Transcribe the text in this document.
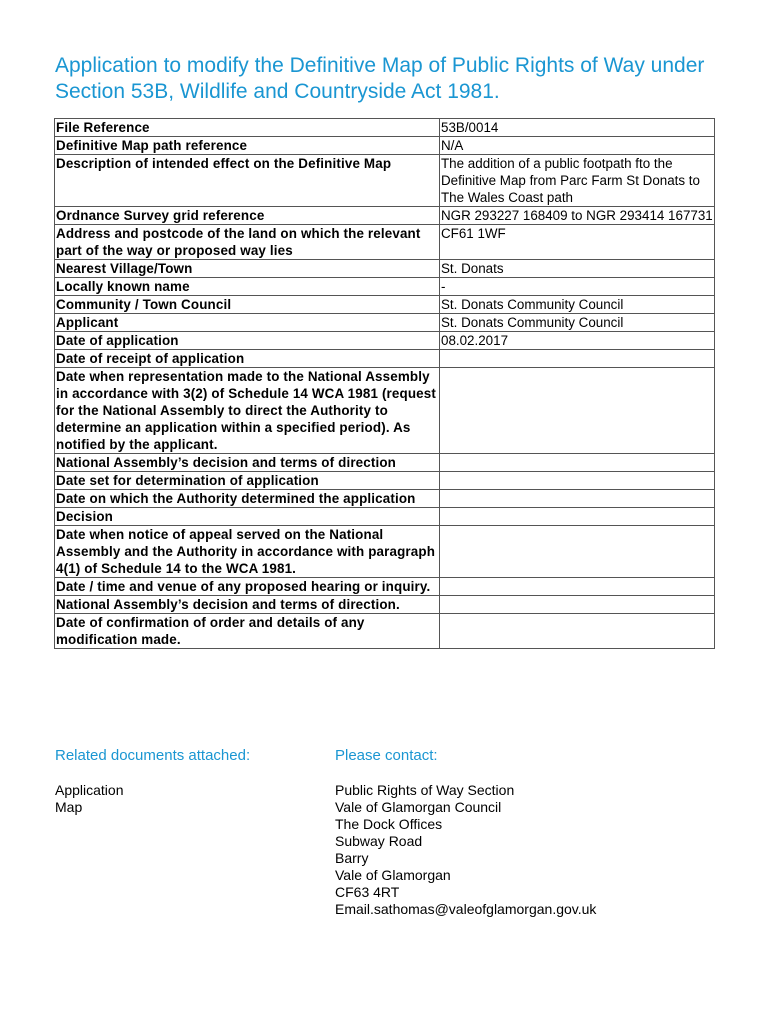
Application to modify the Definitive Map of Public Rights of Way under Section 53B, Wildlife and Countryside Act 1981.
File Reference	53B/0014
Definitive Map path reference	N/A
Description of intended effect on the Definitive Map	The addition of a public footpath fto the Definitive Map from Parc Farm St Donats to The Wales Coast path
Ordnance Survey grid reference	NGR 293227 168409 to NGR 293414 167731
Address and postcode of the land on which the relevant part of the way or proposed way lies	CF61 1WF
Nearest Village/Town	St. Donats
Locally known name	-
Community / Town Council	St. Donats Community Council
Applicant	St. Donats Community Council
Date of application	08.02.2017
Date of receipt of application	
Date when representation made to the National Assembly in accordance with 3(2) of Schedule 14 WCA 1981 (request for the National Assembly to direct the Authority to determine an application within a specified period). As notified by the applicant.	
National Assembly’s decision and terms of direction	
Date set for determination of application	
Date on which the Authority determined the application	
Decision	
Date when notice of appeal served on the National Assembly and the Authority in accordance with paragraph 4(1) of Schedule 14 to the WCA 1981.	
Date / time and venue of any proposed hearing or inquiry.	
National Assembly’s decision and terms of direction.	
Date of confirmation of order and details of any modification made.	
Related documents attached:
Application
Map
Please contact:
Public Rights of Way Section
Vale of Glamorgan Council
The Dock Offices
Subway Road
Barry
Vale of Glamorgan
CF63 4RT
Email.sathomas@valeofglamorgan.gov.uk
